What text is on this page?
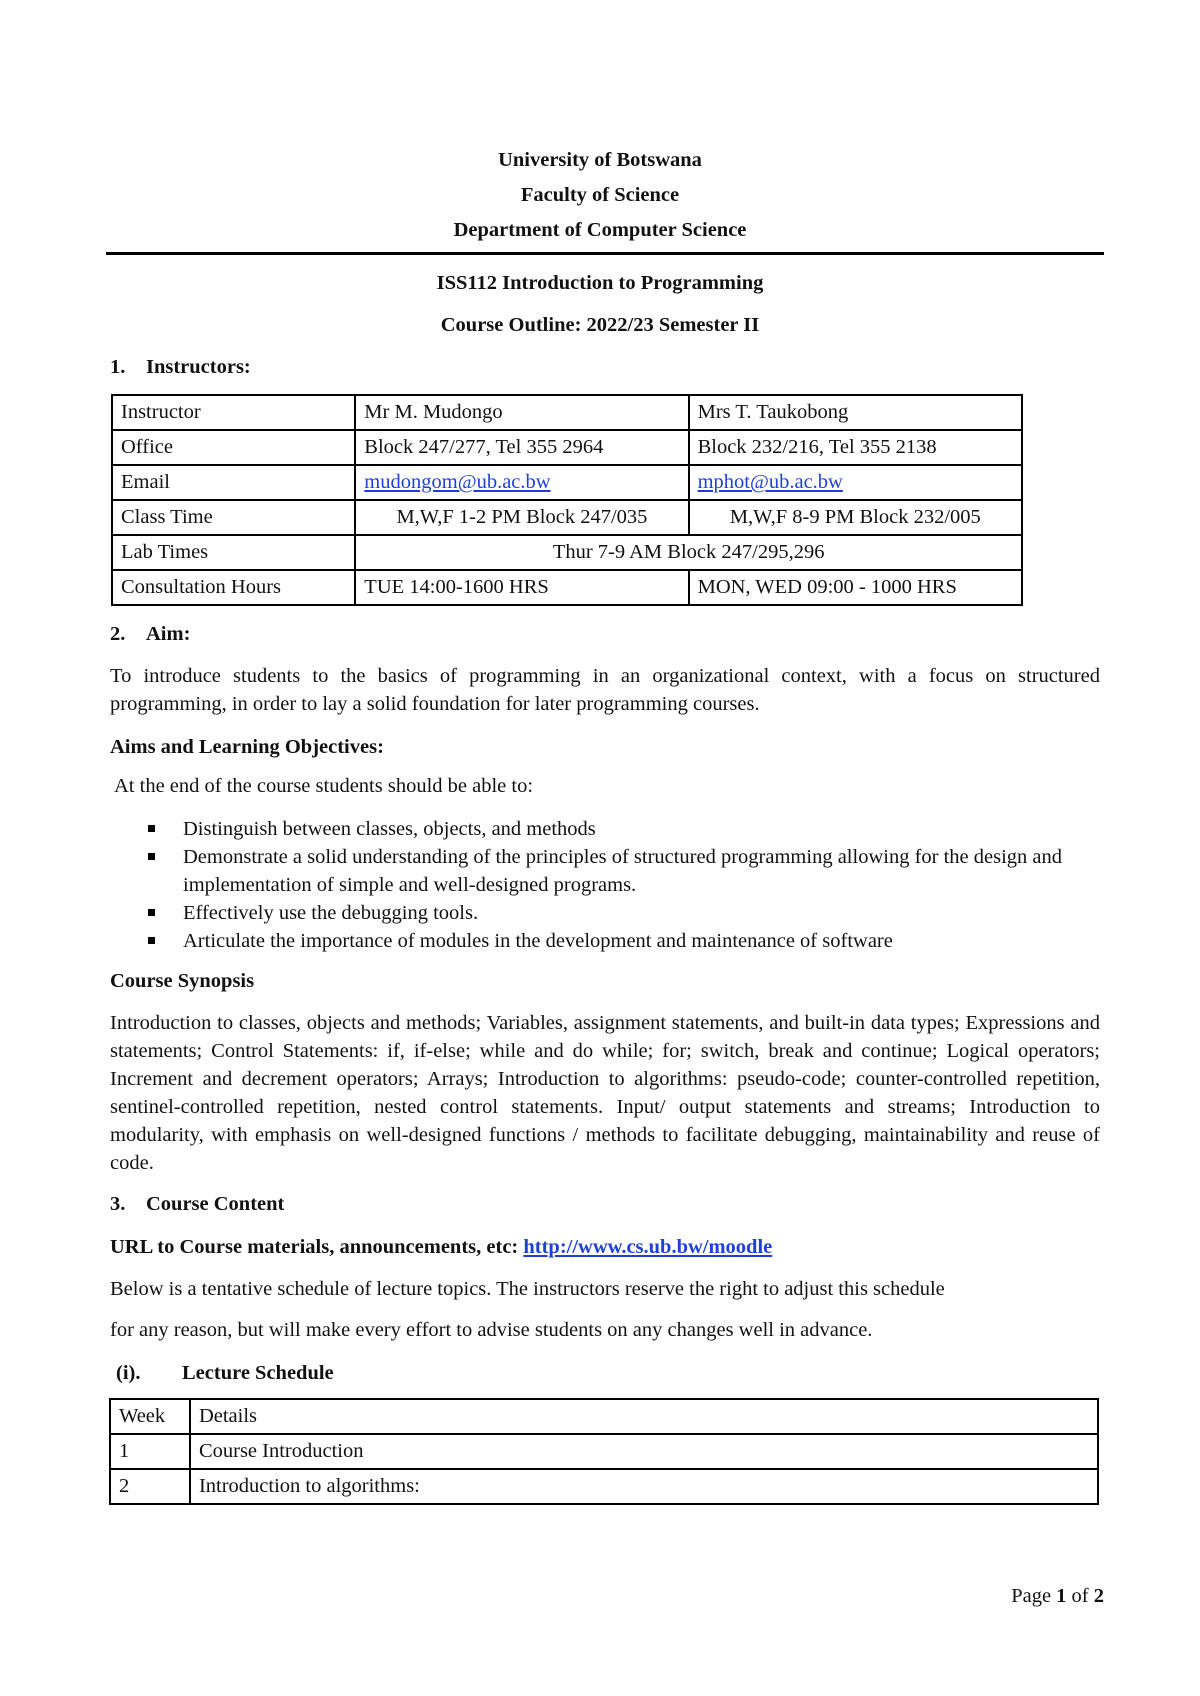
University of Botswana
Faculty of Science
Department of Computer Science
ISS112 Introduction to Programming
Course Outline: 2022/23 Semester II
1. Instructors:
Instructor	Mr M. Mudongo	Mrs T. Taukobong
Office	Block 247/277, Tel 355 2964	Block 232/216, Tel 355 2138
Email	mudongom@ub.ac.bw	mphot@ub.ac.bw
Class Time	M,W,F 1-2 PM Block 247/035	M,W,F 8-9 PM Block 232/005
Lab Times	Thur 7-9 AM Block 247/295,296	
Consultation Hours	TUE 14:00-1600 HRS	MON, WED 09:00 - 1000 HRS
2. Aim:
To introduce students to the basics of programming in an organizational context, with a focus on structured programming, in order to lay a solid foundation for later programming courses.
Aims and Learning Objectives:
At the end of the course students should be able to:
Distinguish between classes, objects, and methods
Demonstrate a solid understanding of the principles of structured programming allowing for the design and implementation of simple and well-designed programs.
Effectively use the debugging tools.
Articulate the importance of modules in the development and maintenance of software
Course Synopsis
Introduction to classes, objects and methods; Variables, assignment statements, and built-in data types; Expressions and statements; Control Statements: if, if-else; while and do while; for; switch, break and continue; Logical operators; Increment and decrement operators; Arrays; Introduction to algorithms: pseudo-code; counter-controlled repetition, sentinel-controlled repetition, nested control statements. Input/ output statements and streams; Introduction to modularity, with emphasis on well-designed functions / methods to facilitate debugging, maintainability and reuse of code.
3. Course Content
URL to Course materials, announcements, etc: http://www.cs.ub.bw/moodle
Below is a tentative schedule of lecture topics. The instructors reserve the right to adjust this schedule
for any reason, but will make every effort to advise students on any changes well in advance.
(i). Lecture Schedule
Week	Details
1	Course Introduction
2	Introduction to algorithms:
Page 1 of 2
